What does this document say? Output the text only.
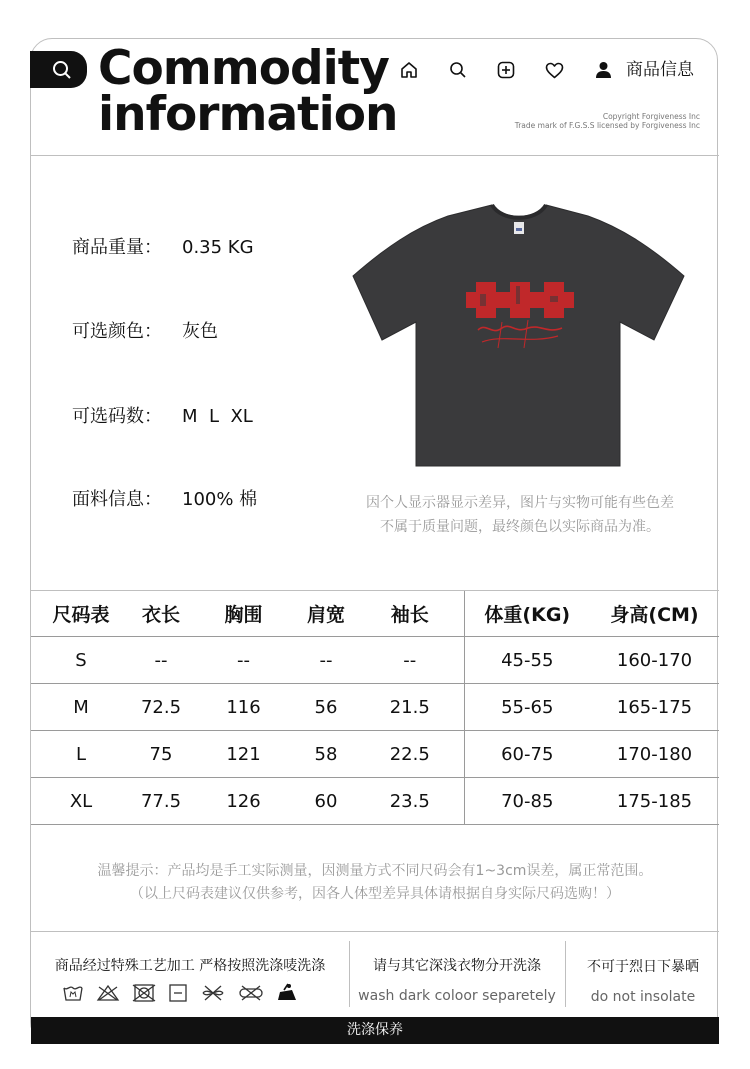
Commodity
information
商品信息
Copyright Forgiveness Inc
Trade mark of F.G.S.S licensed by Forgiveness Inc
商品重量： 0.35 KG
可选颜色： 灰色
可选码数： M  L  XL
面料信息： 100% 棉	因个人显示器显示差异，图片与实物可能有些色差
不属于质量问题，最终颜色以实际商品为准。
尺码表	衣长	胸围	肩宽	袖长	体重(KG)	身高(CM)
S	--	--	--	--	45-55	160-170
M	72.5	116	56	21.5	55-65	165-175
L	75	121	58	22.5	60-75	170-180
XL	77.5	126	60	23.5	70-85	175-185
温馨提示：产品均是手工实际测量，因测量方式不同尺码会有1~3cm误差，属正常范围。
（以上尺码表建议仅供参考，因各人体型差异具体请根据自身实际尺码选购！）
商品经过特殊工艺加工 严格按照洗涤唛洗涤	请与其它深浅衣物分开洗涤
wash dark coloor separetely
不可于烈日下暴晒
do not insolate
洗涤保养
